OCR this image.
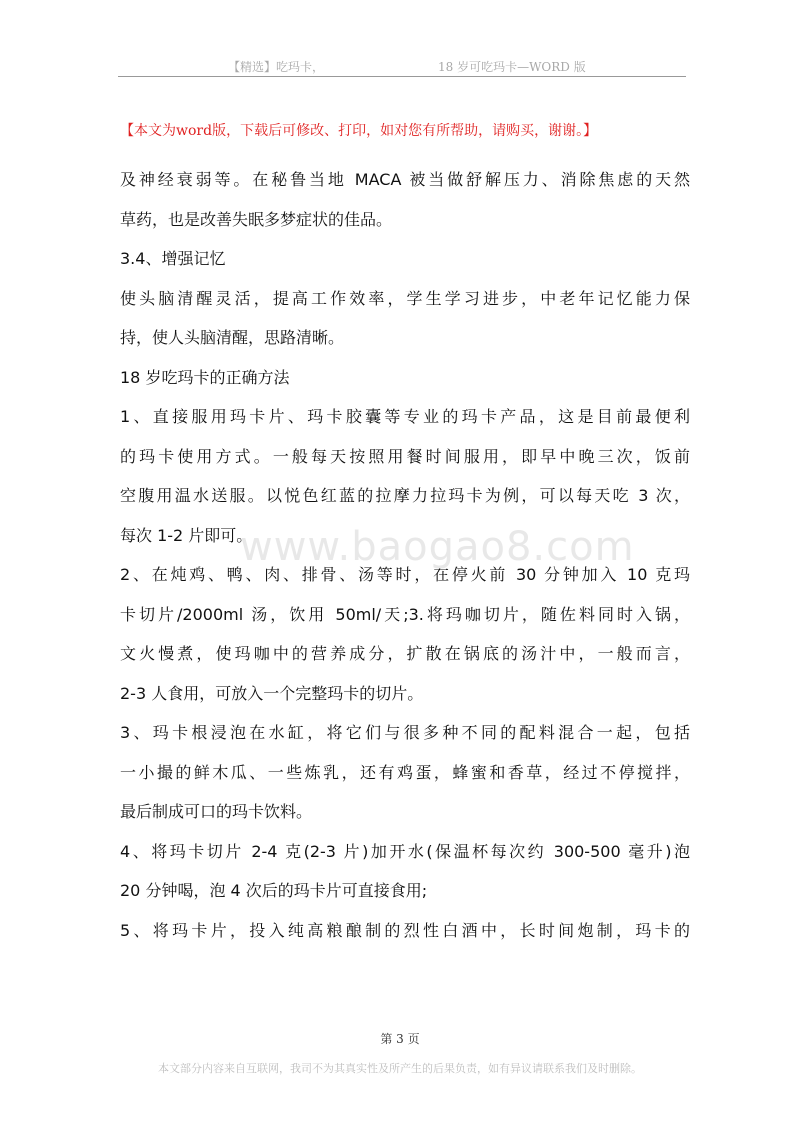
【精选】吃玛卡，	18 岁可吃玛卡—WORD 版
【本文为word版，下载后可修改、打印，如对您有所帮助，请购买，谢谢。】
及神经衰弱等。在秘鲁当地 MACA 被当做舒解压力、消除焦虑的天然
草药，也是改善失眠多梦症状的佳品。
3.4、增强记忆
使头脑清醒灵活，提高工作效率，学生学习进步，中老年记忆能力保
持，使人头脑清醒，思路清晰。
18 岁吃玛卡的正确方法
1、直接服用玛卡片、玛卡胶囊等专业的玛卡产品，这是目前最便利
的玛卡使用方式。一般每天按照用餐时间服用，即早中晚三次，饭前
空腹用温水送服。以悦色红蓝的拉摩力拉玛卡为例，可以每天吃 3 次，
每次 1-2 片即可。
2、在炖鸡、鸭、肉、排骨、汤等时，在停火前 30 分钟加入 10 克玛
卡切片/2000ml 汤，饮用 50ml/天;3.将玛咖切片，随佐料同时入锅，
文火慢煮，使玛咖中的营养成分，扩散在锅底的汤汁中，一般而言，
2-3 人食用，可放入一个完整玛卡的切片。
3、玛卡根浸泡在水缸，将它们与很多种不同的配料混合一起，包括
一小撮的鲜木瓜、一些炼乳，还有鸡蛋，蜂蜜和香草，经过不停搅拌，
最后制成可口的玛卡饮料。
4、将玛卡切片 2-4 克(2-3 片)加开水(保温杯每次约 300-500 毫升)泡
20 分钟喝，泡 4 次后的玛卡片可直接食用;
5、将玛卡片，投入纯高粮酿制的烈性白酒中，长时间炮制，玛卡的
www.baogao8.com
第 3 页
本文部分内容来自互联网，我司不为其真实性及所产生的后果负责，如有异议请联系我们及时删除。
